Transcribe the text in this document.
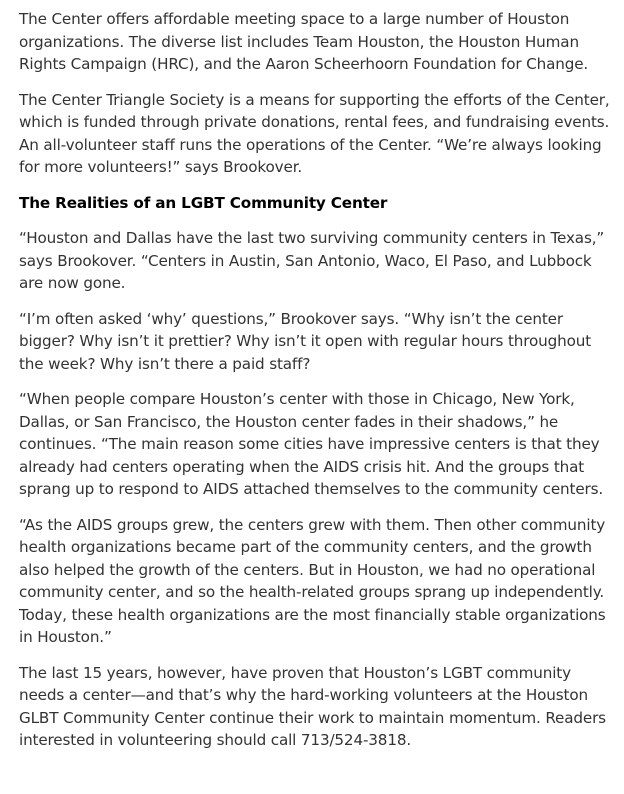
The Center offers affordable meeting space to a large number of Houston organizations. The diverse list includes Team Houston, the Houston Human Rights Campaign (HRC), and the Aaron Scheerhoorn Foundation for Change.

The Center Triangle Society is a means for supporting the efforts of the Center, which is funded through private donations, rental fees, and fundraising events. An all-volunteer staff runs the operations of the Center. “We’re always looking for more volunteers!” says Brookover.

The Realities of an LGBT Community Center

“Houston and Dallas have the last two surviving community centers in Texas,” says Brookover. “Centers in Austin, San Antonio, Waco, El Paso, and Lubbock are now gone.

“I’m often asked ‘why’ questions,” Brookover says. “Why isn’t the center bigger? Why isn’t it prettier? Why isn’t it open with regular hours throughout the week? Why isn’t there a paid staff?

“When people compare Houston’s center with those in Chicago, New York, Dallas, or San Francisco, the Houston center fades in their shadows,” he continues. “The main reason some cities have impressive centers is that they already had centers operating when the AIDS crisis hit. And the groups that sprang up to respond to AIDS attached themselves to the community centers.

“As the AIDS groups grew, the centers grew with them. Then other community health organizations became part of the community centers, and the growth also helped the growth of the centers. But in Houston, we had no operational community center, and so the health-related groups sprang up independently. Today, these health organizations are the most financially stable organizations in Houston.”

The last 15 years, however, have proven that Houston’s LGBT community needs a center—and that’s why the hard-working volunteers at the Houston GLBT Community Center continue their work to maintain momentum. Readers interested in volunteering should call 713/524-3818.
